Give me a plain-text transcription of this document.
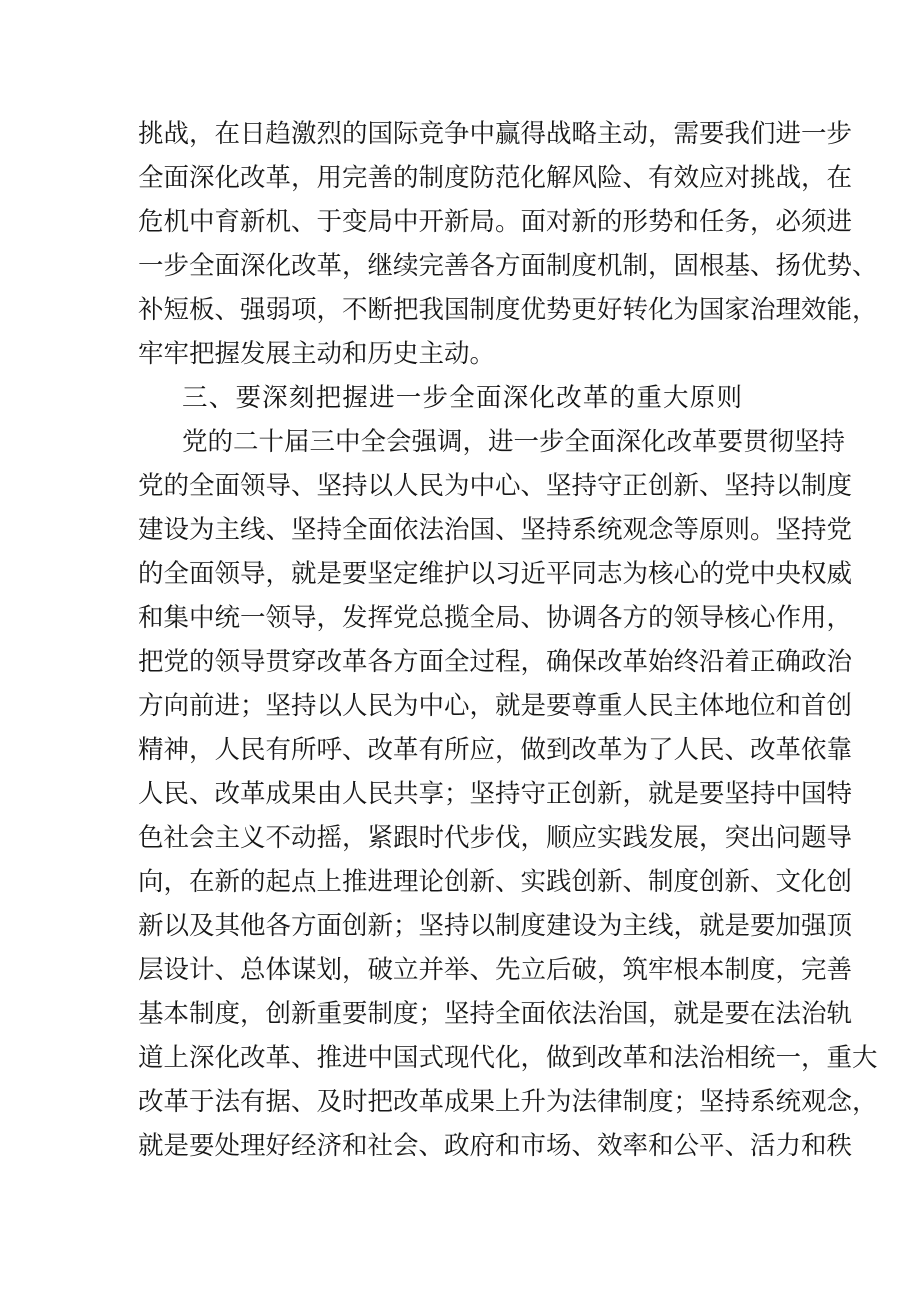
挑战，在日趋激烈的国际竞争中赢得战略主动，需要我们进一步
全面深化改革，用完善的制度防范化解风险、有效应对挑战，在
危机中育新机、于变局中开新局。面对新的形势和任务，必须进
一步全面深化改革，继续完善各方面制度机制，固根基、扬优势、
补短板、强弱项，不断把我国制度优势更好转化为国家治理效能，
牢牢把握发展主动和历史主动。
三、要深刻把握进一步全面深化改革的重大原则
党的二十届三中全会强调，进一步全面深化改革要贯彻坚持
党的全面领导、坚持以人民为中心、坚持守正创新、坚持以制度
建设为主线、坚持全面依法治国、坚持系统观念等原则。坚持党
的全面领导，就是要坚定维护以习近平同志为核心的党中央权威
和集中统一领导，发挥党总揽全局、协调各方的领导核心作用，
把党的领导贯穿改革各方面全过程，确保改革始终沿着正确政治
方向前进；坚持以人民为中心，就是要尊重人民主体地位和首创
精神，人民有所呼、改革有所应，做到改革为了人民、改革依靠
人民、改革成果由人民共享；坚持守正创新，就是要坚持中国特
色社会主义不动摇，紧跟时代步伐，顺应实践发展，突出问题导
向，在新的起点上推进理论创新、实践创新、制度创新、文化创
新以及其他各方面创新；坚持以制度建设为主线，就是要加强顶
层设计、总体谋划，破立并举、先立后破，筑牢根本制度，完善
基本制度，创新重要制度；坚持全面依法治国，就是要在法治轨
道上深化改革、推进中国式现代化，做到改革和法治相统一，重大
改革于法有据、及时把改革成果上升为法律制度；坚持系统观念，
就是要处理好经济和社会、政府和市场、效率和公平、活力和秩
